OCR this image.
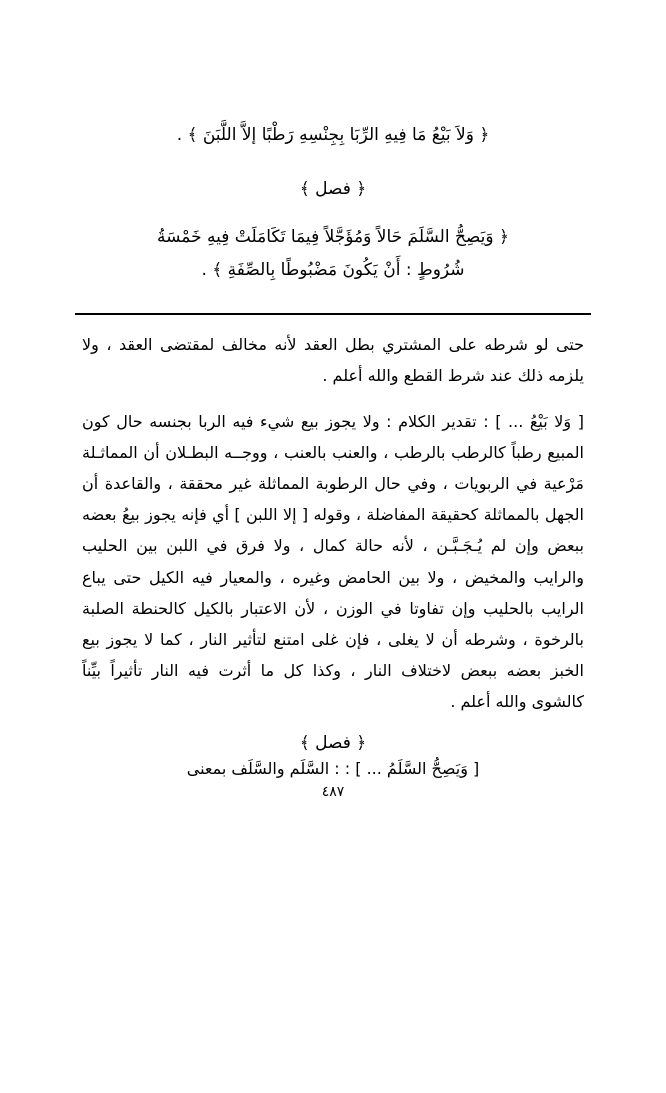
﴿ وَلاَ بَيْعُ مَا فِيهِ الرِّبَا بِجِنْسِهِ رَطْبًا إلاَّ اللَّبَنَ ﴾ .
﴿ فصل ﴾
﴿ وَيَصِحُّ السَّلَمَ حَالاً وَمُؤَجَّلاً فِيمَا تَكَامَلَتْ فِيهِ خَمْسَةُ
شُرُوطٍ : أَنْ يَكُونَ مَضْبُوطًا بِالصِّفَةِ ﴾ .

حتى لو شرطه على المشتري بطل العقد لأنه مخالف لمقتضى العقد ، ولا يلزمه ذلك عند شرط القطع والله أعلم .

[ وَلا بَيْعُ ... ] : تقدير الكلام : ولا يجوز بيع شيء فيه الربا بجنسه حال كون المبيع رطباً كالرطب بالرطب ، والعنب بالعنب ، ووجــه البطـلان أن المماثـلة مَرْعية في الربويات ، وفي حال الرطوبة المماثلة غير محققة ، والقاعدة أن الجهل بالمماثلة كحقيقة المفاضلة ، وقوله [ إلا اللبن ] أي فإنه يجوز بيعُ بعضه ببعض وإن لم يُـجَـبَّـن ، لأنه حالة كمال ، ولا فرق في اللبن بين الحليب والرايب والمخيض ، ولا بين الحامض وغيره ، والمعيار فيه الكيل حتى يباع الرايب بالحليب وإن تفاوتا في الوزن ، لأن الاعتبار بالكيل كالحنطة الصلبة بالرخوة ، وشرطه أن لا يغلى ، فإن غلى امتنع لتأثير النار ، كما لا يجوز بيع الخبز بعضه ببعض لاختلاف النار ، وكذا كل ما أثرت فيه النار تأثيراً بيِّناً كالشوى والله أعلم .

﴿ فصل ﴾
[ وَيَصِحُّ السَّلَمُ ... ] : : السَّلَم والسَّلَف بمعنى
٤٨٧
